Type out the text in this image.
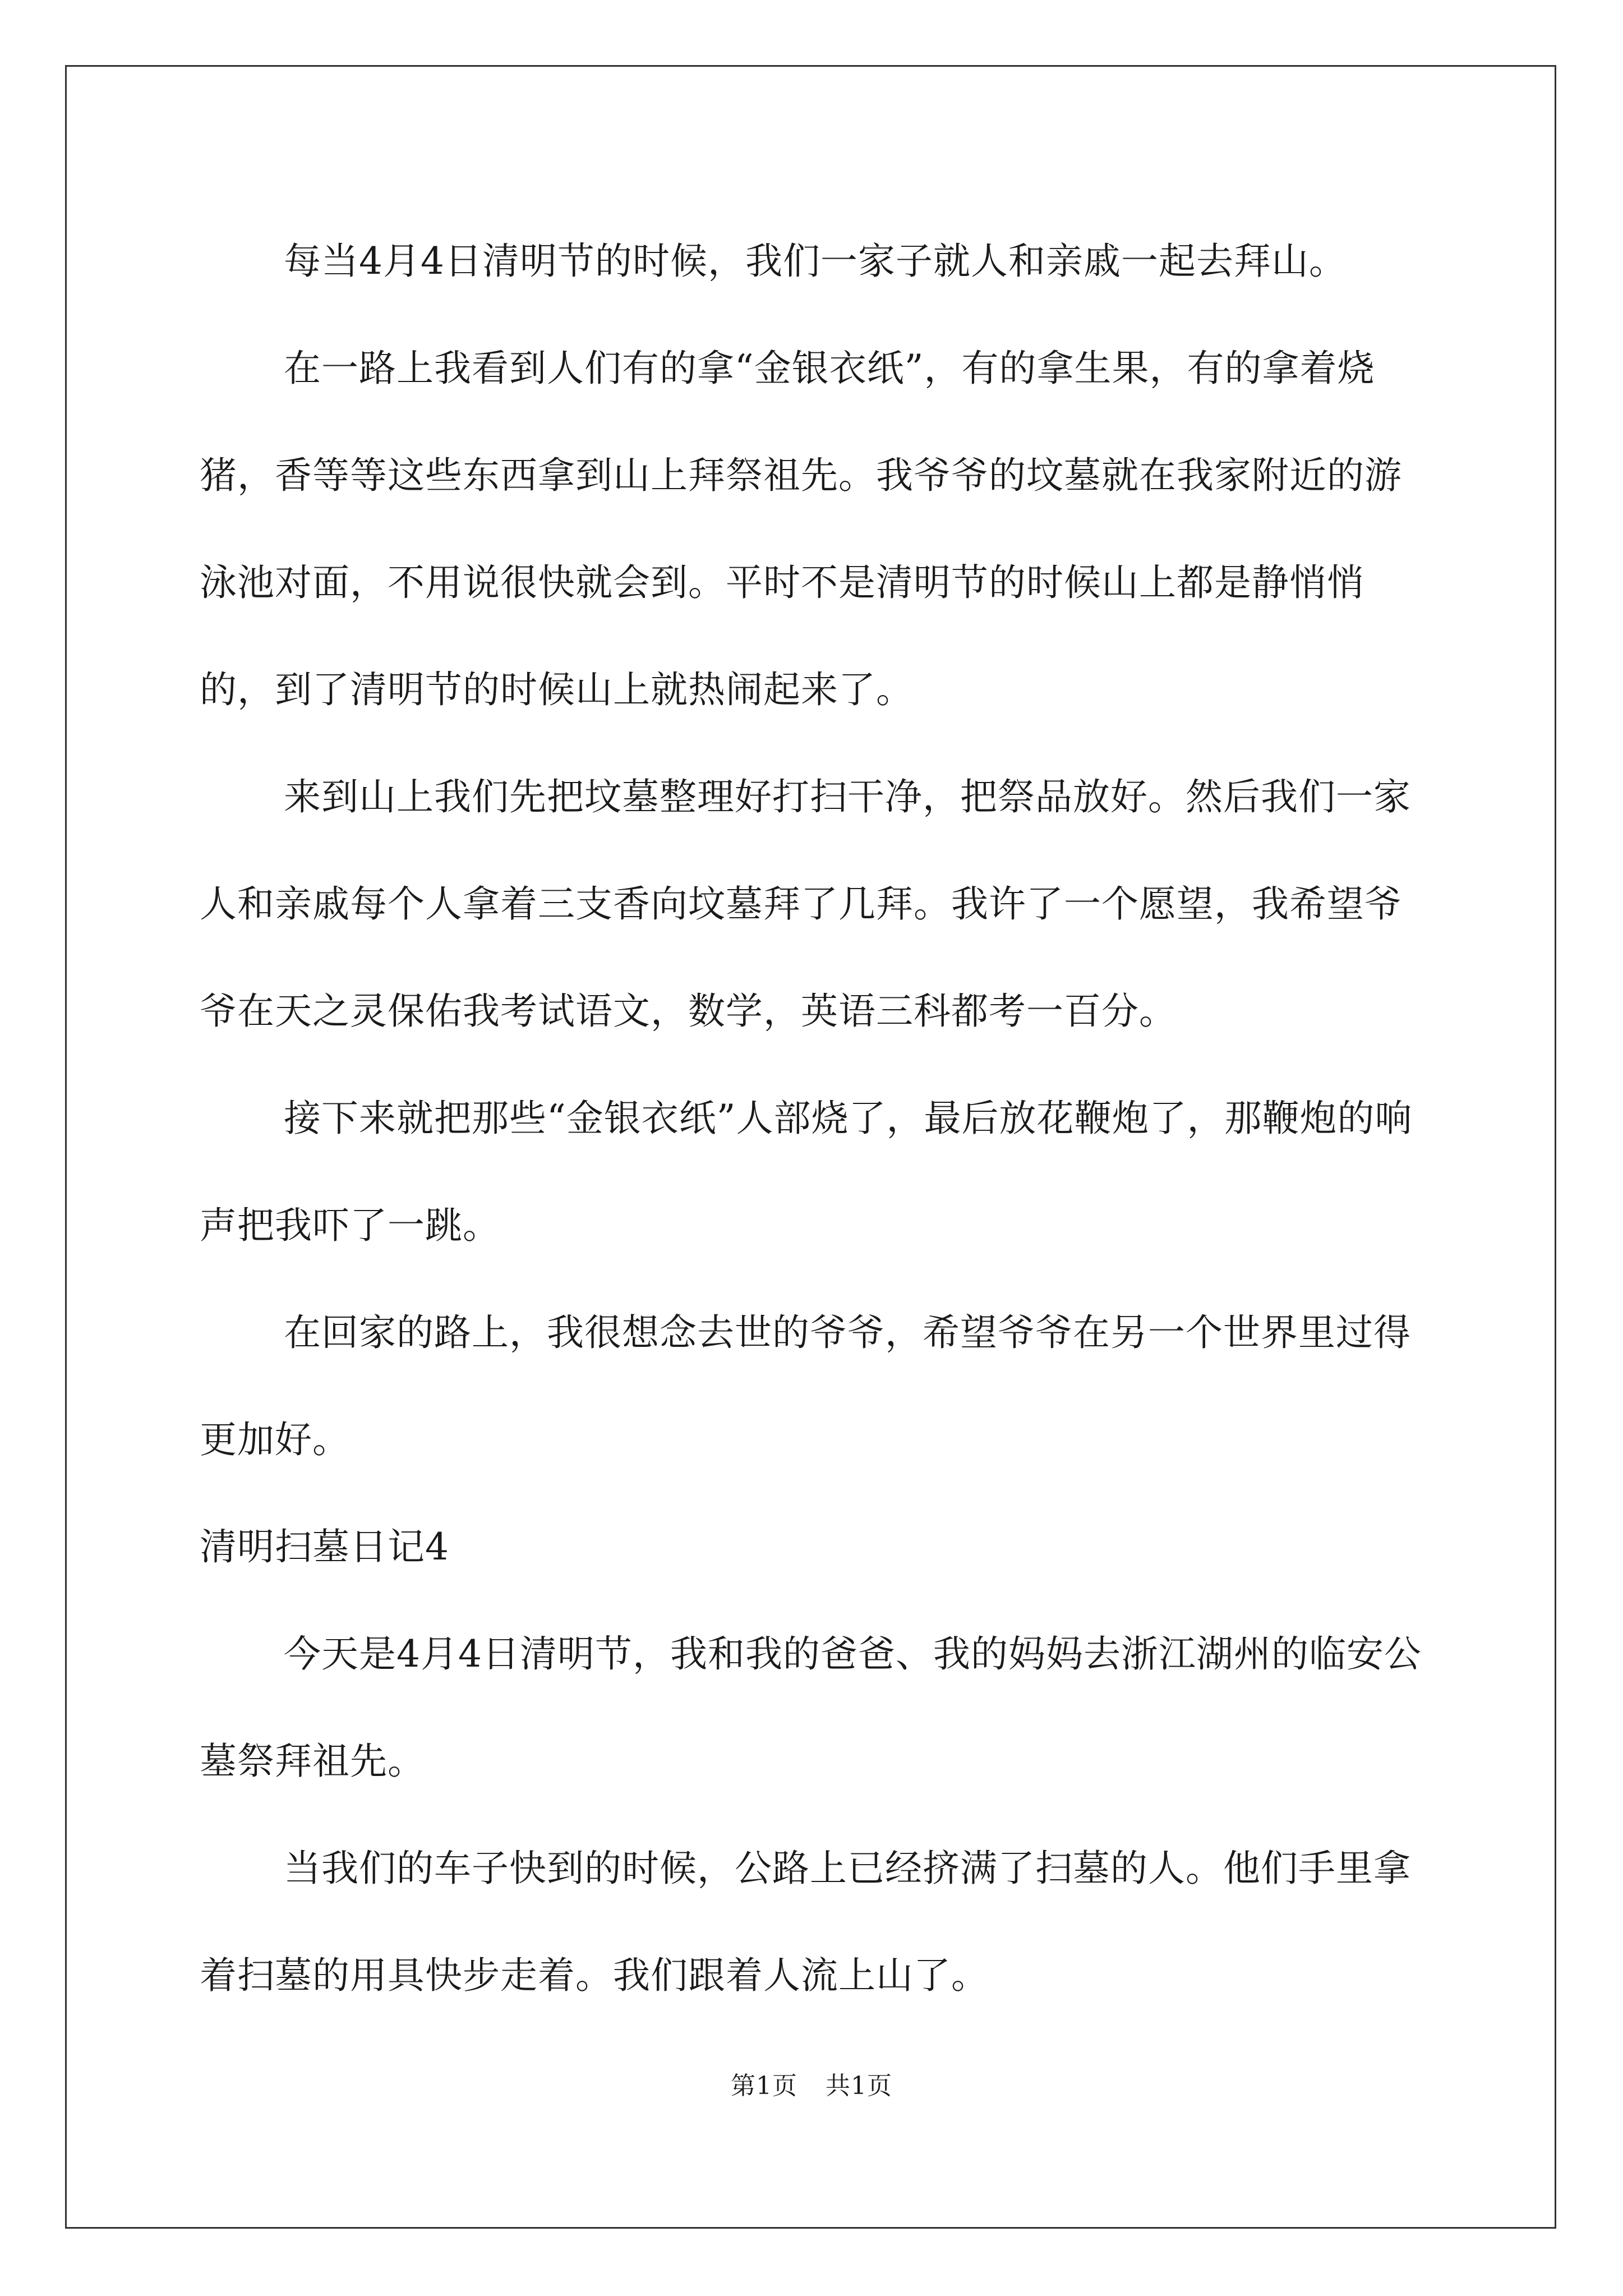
每当4月4日清明节的时候，我们一家子就人和亲戚一起去拜山。

在一路上我看到人们有的拿“金银衣纸”，有的拿生果，有的拿着烧猪，香等等这些东西拿到山上拜祭祖先。我爷爷的坟墓就在我家附近的游泳池对面，不用说很快就会到。平时不是清明节的时候山上都是静悄悄的，到了清明节的时候山上就热闹起来了。

来到山上我们先把坟墓整理好打扫干净，把祭品放好。然后我们一家人和亲戚每个人拿着三支香向坟墓拜了几拜。我许了一个愿望，我希望爷爷在天之灵保佑我考试语文，数学，英语三科都考一百分。

接下来就把那些“金银衣纸”人部烧了，最后放花鞭炮了，那鞭炮的响声把我吓了一跳。

在回家的路上，我很想念去世的爷爷，希望爷爷在另一个世界里过得更加好。

清明扫墓日记4

今天是4月4日清明节，我和我的爸爸、我的妈妈去浙江湖州的临安公墓祭拜祖先。

当我们的车子快到的时候，公路上已经挤满了扫墓的人。他们手里拿着扫墓的用具快步走着。我们跟着人流上山了。

第1页 共1页
